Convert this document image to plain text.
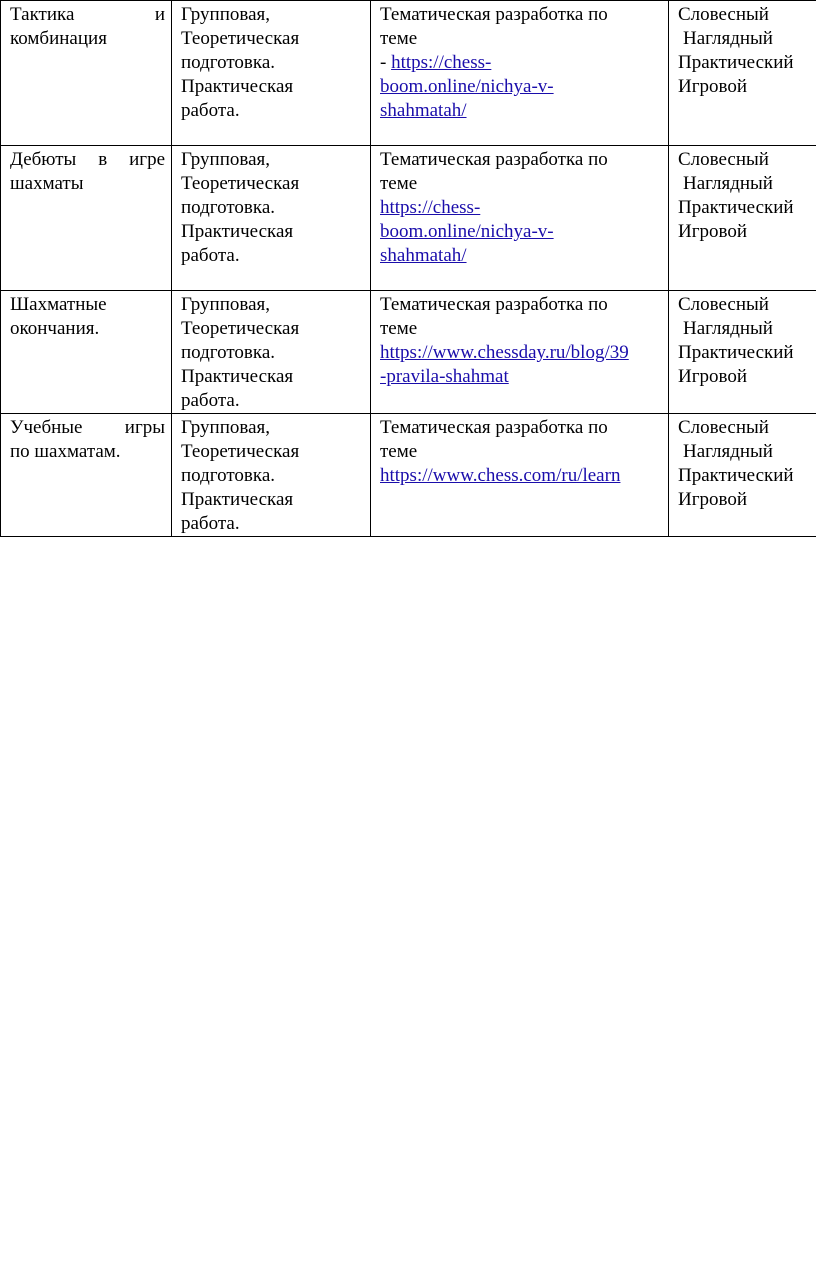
Тактика и
комбинация	Групповая,
Теоретическая
подготовка.
Практическая
работа.	Тематическая разработка по
теме
- https://chess-
boom.online/nichya-v-
shahmatah/	Словесный
Наглядный
Практический
Игровой

Дебюты в игре
шахматы	Групповая,
Теоретическая
подготовка.
Практическая
работа.	Тематическая разработка по
теме
https://chess-
boom.online/nichya-v-
shahmatah/	Словесный
Наглядный
Практический
Игровой

Шахматные
окончания.	Групповая,
Теоретическая
подготовка.
Практическая
работа.	Тематическая разработка по
теме
https://www.chessday.ru/blog/39
-pravila-shahmat	Словесный
Наглядный
Практический
Игровой

Учебные игры
по шахматам.	Групповая,
Теоретическая
подготовка.
Практическая
работа.	Тематическая разработка по
теме
https://www.chess.com/ru/learn	Словесный
Наглядный
Практический
Игровой
